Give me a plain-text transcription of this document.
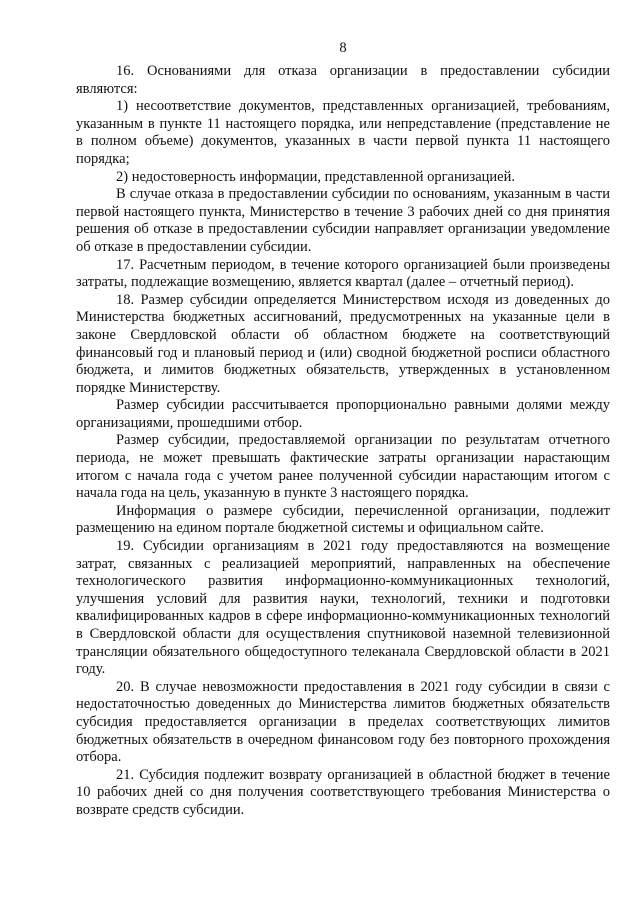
8

16. Основаниями для отказа организации в предоставлении субсидии являются:

1) несоответствие документов, представленных организацией, требованиям, указанным в пункте 11 настоящего порядка, или непредставление (представление не в полном объеме) документов, указанных в части первой пункта 11 настоящего порядка;

2) недостоверность информации, представленной организацией.

В случае отказа в предоставлении субсидии по основаниям, указанным в части первой настоящего пункта, Министерство в течение 3 рабочих дней со дня принятия решения об отказе в предоставлении субсидии направляет организации уведомление об отказе в предоставлении субсидии.

17. Расчетным периодом, в течение которого организацией были произведены затраты, подлежащие возмещению, является квартал (далее – отчетный период).

18. Размер субсидии определяется Министерством исходя из доведенных до Министерства бюджетных ассигнований, предусмотренных на указанные цели в законе Свердловской области об областном бюджете на соответствующий финансовый год и плановый период и (или) сводной бюджетной росписи областного бюджета, и лимитов бюджетных обязательств, утвержденных в установленном порядке Министерству.

Размер субсидии рассчитывается пропорционально равными долями между организациями, прошедшими отбор.

Размер субсидии, предоставляемой организации по результатам отчетного периода, не может превышать фактические затраты организации нарастающим итогом с начала года с учетом ранее полученной субсидии нарастающим итогом с начала года на цель, указанную в пункте 3 настоящего порядка.

Информация о размере субсидии, перечисленной организации, подлежит размещению на едином портале бюджетной системы и официальном сайте.

19. Субсидии организациям в 2021 году предоставляются на возмещение затрат, связанных с реализацией мероприятий, направленных на обеспечение технологического развития информационно-коммуникационных технологий, улучшения условий для развития науки, технологий, техники и подготовки квалифицированных кадров в сфере информационно-коммуникационных технологий в Свердловской области для осуществления спутниковой наземной телевизионной трансляции обязательного общедоступного телеканала Свердловской области в 2021 году.

20. В случае невозможности предоставления в 2021 году субсидии в связи с недостаточностью доведенных до Министерства лимитов бюджетных обязательств субсидия предоставляется организации в пределах соответствующих лимитов бюджетных обязательств в очередном финансовом году без повторного прохождения отбора.

21. Субсидия подлежит возврату организацией в областной бюджет в течение 10 рабочих дней со дня получения соответствующего требования Министерства о возврате средств субсидии.
